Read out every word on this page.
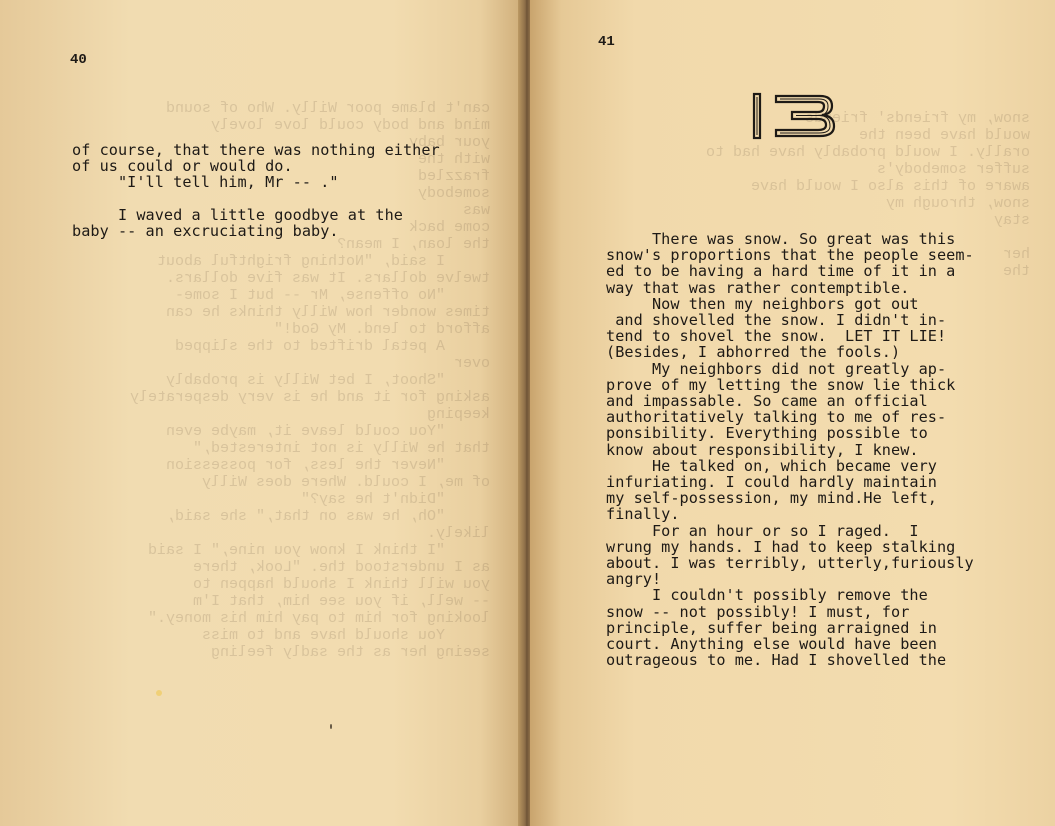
can't blame poor Willy. Who of sound
mind and body could love lovely
your baby
with the
frazzled
somebody
was
come back
the loan, I mean?
I said, "Nothing frightful about
twelve dollars. It was five dollars.
"No offense, Mr -- but I some-
times wonder how Willy thinks he can
afford to lend. My God!"
A petal drifted to the slipped
over
"Shoot, I bet Willy is probably
asking for it and he is very desperately
keeping
"You could leave it, maybe even
that he Willy is not interested,"
"Never the less, for possession
of me, I could. Where does Willy
"Didn't he say?"
"Oh, he was on that," she said,
likely.
"I think I know you nine," I said
as I understood the. "Look, there
you will think I should happen to
-- well, if you see him, that I'm
looking for him to pay him his money."
You should have and to miss
seeing her as the sadly feeling
40
of course, that there was nothing either
of us could or would do.
"I'll tell him, Mr -- ."

I waved a little goodbye at the
baby -- an excruciating baby.
snow, my friends' friends
would have been the
orally. I would probably have had to
suffer somebody's
aware of this also I would have
snow, through my
stay

her
the

41
13
There was snow. So great was this
snow's proportions that the people seem-
ed to be having a hard time of it in a
way that was rather contemptible.
Now then my neighbors got out
and shovelled the snow. I didn't in-
tend to shovel the snow.  LET IT LIE!
(Besides, I abhorred the fools.)
My neighbors did not greatly ap-
prove of my letting the snow lie thick
and impassable. So came an official
authoritatively talking to me of res-
ponsibility. Everything possible to
know about responsibility, I knew.
He talked on, which became very
infuriating. I could hardly maintain
my self-possession, my mind.He left,
finally.
For an hour or so I raged.  I
wrung my hands. I had to keep stalking
about. I was terribly, utterly,furiously
angry!
I couldn't possibly remove the
snow -- not possibly! I must, for
principle, suffer being arraigned in
court. Anything else would have been
outrageous to me. Had I shovelled the
